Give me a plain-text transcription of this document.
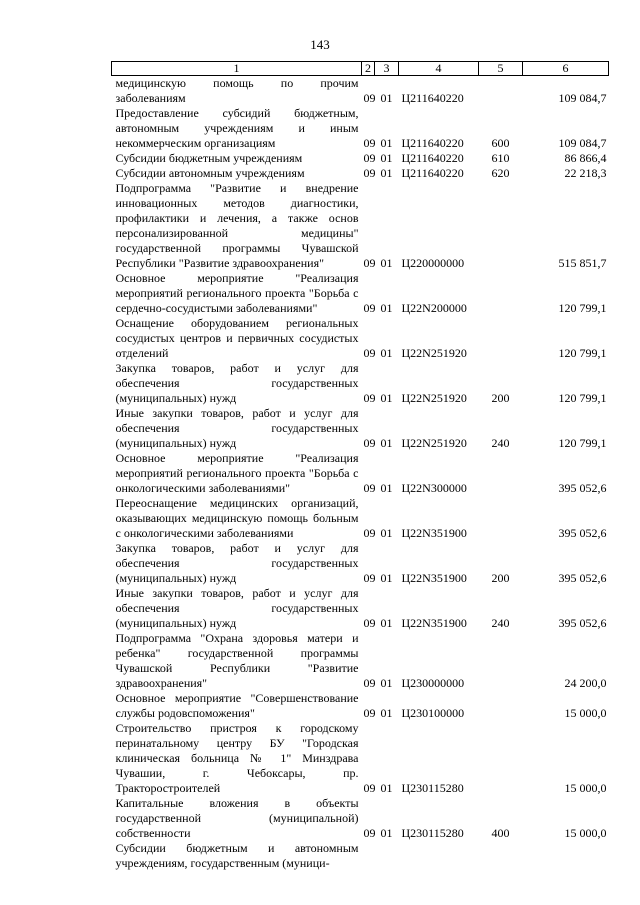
143
1	2	3	4	5	6
медицинскую помощь по прочим заболеваниям	09	01	Ц211640220		109 084,7
Предоставление субсидий бюджетным, автономным учреждениям и иным некоммерческим организациям	09	01	Ц211640220	600	109 084,7
Субсидии бюджетным учреждениям	09	01	Ц211640220	610	86 866,4
Субсидии автономным учреждениям	09	01	Ц211640220	620	22 218,3
Подпрограмма "Развитие и внедрение инновационных методов диагностики, профилактики и лечения, а также основ персонализированной медицины" государственной программы Чувашской Республики "Развитие здравоохранения"	09	01	Ц220000000		515 851,7
Основное мероприятие "Реализация мероприятий регионального проекта "Борьба с сердечно-сосудистыми заболеваниями"	09	01	Ц22N200000		120 799,1
Оснащение оборудованием региональных сосудистых центров и первичных сосудистых отделений	09	01	Ц22N251920		120 799,1
Закупка товаров, работ и услуг для обеспечения государственных (муниципальных) нужд	09	01	Ц22N251920	200	120 799,1
Иные закупки товаров, работ и услуг для обеспечения государственных (муниципальных) нужд	09	01	Ц22N251920	240	120 799,1
Основное мероприятие "Реализация мероприятий регионального проекта "Борьба с онкологическими заболеваниями"	09	01	Ц22N300000		395 052,6
Переоснащение медицинских организаций, оказывающих медицинскую помощь больным с онкологическими заболеваниями	09	01	Ц22N351900		395 052,6
Закупка товаров, работ и услуг для обеспечения государственных (муниципальных) нужд	09	01	Ц22N351900	200	395 052,6
Иные закупки товаров, работ и услуг для обеспечения государственных (муниципальных) нужд	09	01	Ц22N351900	240	395 052,6
Подпрограмма "Охрана здоровья матери и ребенка" государственной программы Чувашской Республики "Развитие здравоохранения"	09	01	Ц230000000		24 200,0
Основное мероприятие "Совершенствование службы родовспоможения"	09	01	Ц230100000		15 000,0
Строительство пристроя к городскому перинатальному центру БУ "Городская клиническая больница № 1" Минздрава Чувашии, г. Чебоксары, пр. Тракторостроителей	09	01	Ц230115280		15 000,0
Капитальные вложения в объекты государственной (муниципальной) собственности	09	01	Ц230115280	400	15 000,0
Субсидии бюджетным и автономным учреждениям, государственным (муници-					
